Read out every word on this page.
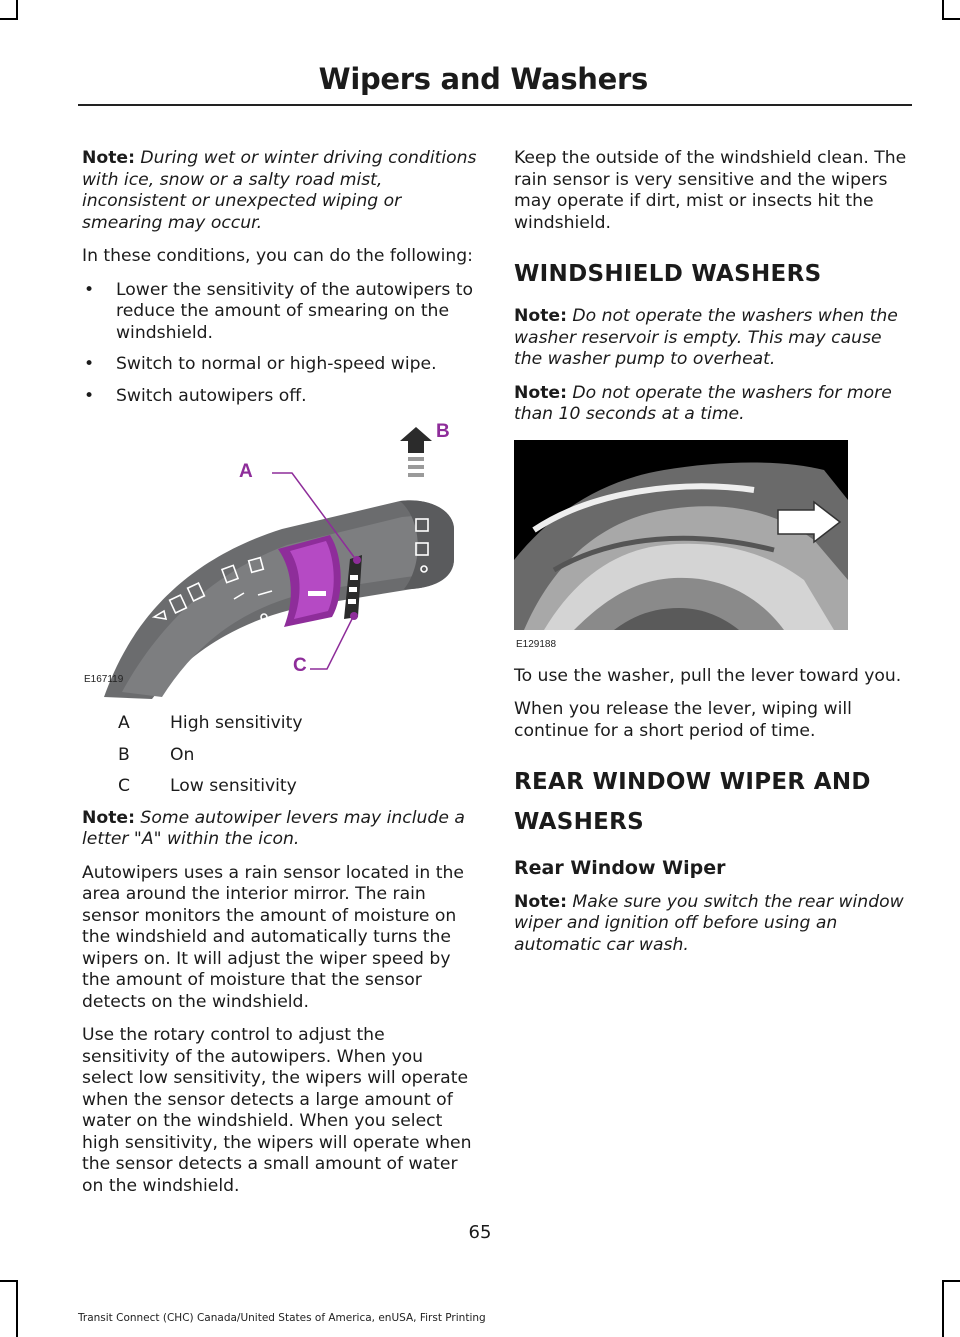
Wipers and Washers

Note: During wet or winter driving conditions with ice, snow or a salty road mist, inconsistent or unexpected wiping or smearing may occur.

In these conditions, you can do the following:

• Lower the sensitivity of the autowipers to reduce the amount of smearing on the windshield.
• Switch to normal or high-speed wipe.
• Switch autowipers off.
A
B
C
E167119
A	High sensitivity
B	On
C	Low sensitivity

Note: Some autowiper levers may include a letter "A" within the icon.

Autowipers uses a rain sensor located in the area around the interior mirror. The rain sensor monitors the amount of moisture on the windshield and automatically turns the wipers on. It will adjust the wiper speed by the amount of moisture that the sensor detects on the windshield.

Use the rotary control to adjust the sensitivity of the autowipers. When you select low sensitivity, the wipers will operate when the sensor detects a large amount of water on the windshield. When you select high sensitivity, the wipers will operate when the sensor detects a small amount of water on the windshield.

Keep the outside of the windshield clean. The rain sensor is very sensitive and the wipers may operate if dirt, mist or insects hit the windshield.

WINDSHIELD WASHERS

Note: Do not operate the washers when the washer reservoir is empty. This may cause the washer pump to overheat.

Note: Do not operate the washers for more than 10 seconds at a time.

E129188

To use the washer, pull the lever toward you.

When you release the lever, wiping will continue for a short period of time.

REAR WINDOW WIPER AND WASHERS
Rear Window Wiper

Note: Make sure you switch the rear window wiper and ignition off before using an automatic car wash.

65
Transit Connect (CHC) Canada/United States of America, enUSA, First Printing
